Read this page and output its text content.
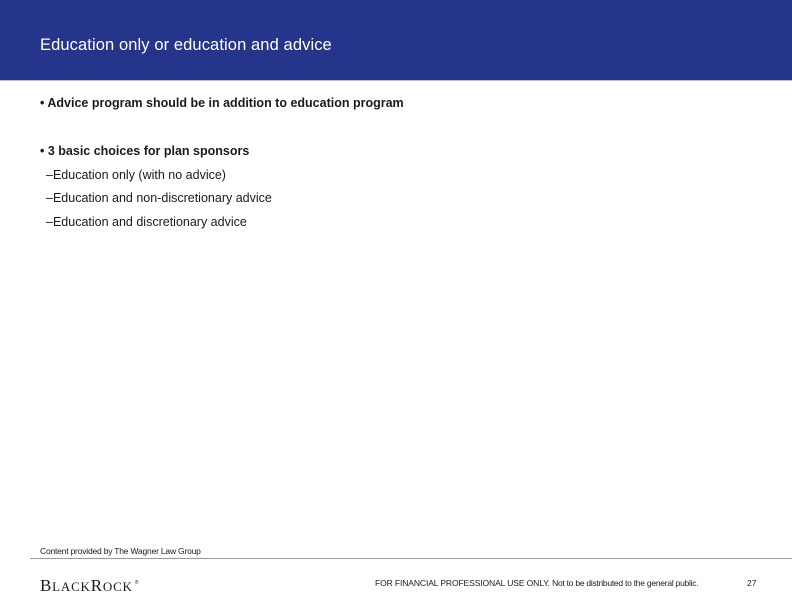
Education only or education and advice
• Advice program should be in addition to education program
• 3 basic choices for plan sponsors
–Education only (with no advice)
–Education and non-discretionary advice
–Education and discretionary advice
Content provided by The Wagner Law Group
BLACKROCK ®	FOR FINANCIAL PROFESSIONAL USE ONLY. Not to be distributed to the general public.	27
